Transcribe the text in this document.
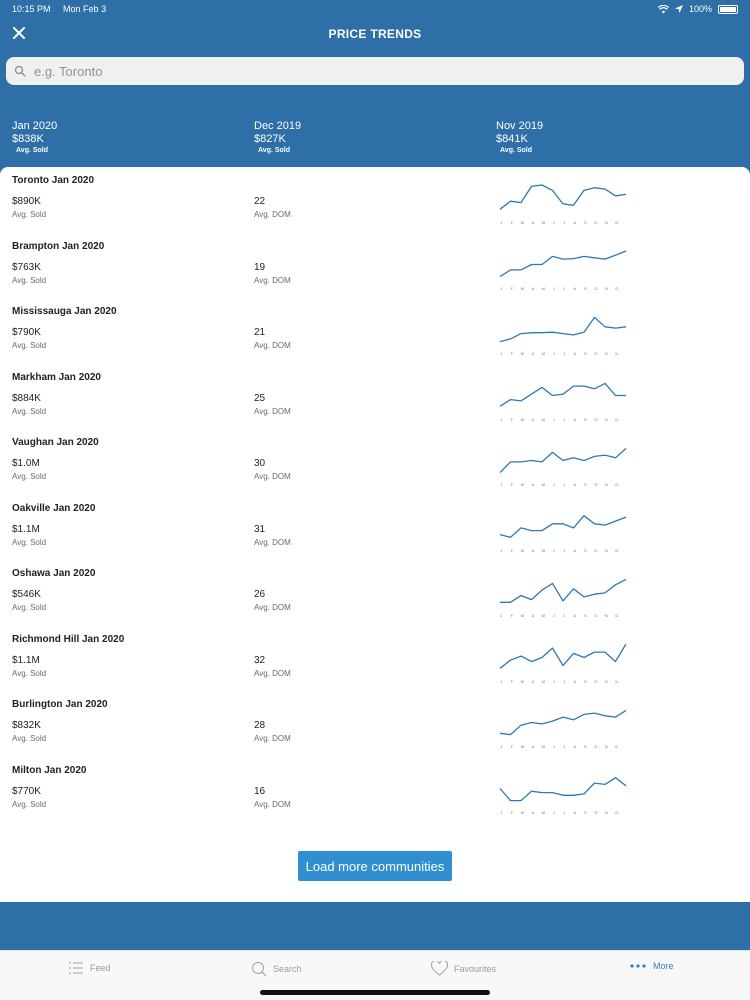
10:15 PM Mon Feb 3	100%
PRICE TRENDS
e.g. Toronto
Jan 2020
$838K
Avg. Sold
Dec 2019
$827K
Avg. Sold
Nov 2019
$841K
Avg. Sold
Toronto Jan 2020
$890K
Avg. Sold
22
Avg. DOM
J F M A M J J A S O N D
Brampton Jan 2020
$763K
Avg. Sold
19
Avg. DOM
J F M A M J J A S O N D
Mississauga Jan 2020
$790K
Avg. Sold
21
Avg. DOM
J F M A M J J A S O N D
Markham Jan 2020
$884K
Avg. Sold
25
Avg. DOM
J F M A M J J A S O N D
Vaughan Jan 2020
$1.0M
Avg. Sold
30
Avg. DOM
J F M A M J J A S O N D
Oakville Jan 2020
$1.1M
Avg. Sold
31
Avg. DOM
J F M A M J J A S O N D
Oshawa Jan 2020
$546K
Avg. Sold
26
Avg. DOM
J F M A M J J A S O N D
Richmond Hill Jan 2020
$1.1M
Avg. Sold
32
Avg. DOM
J F M A M J J A S O N D
Burlington Jan 2020
$832K
Avg. Sold
28
Avg. DOM
J F M A M J J A S O N D
Milton Jan 2020
$770K
Avg. Sold
16
Avg. DOM
J F M A M J J A S O N D
Load more communities
Feed	Search	Favourites	More
